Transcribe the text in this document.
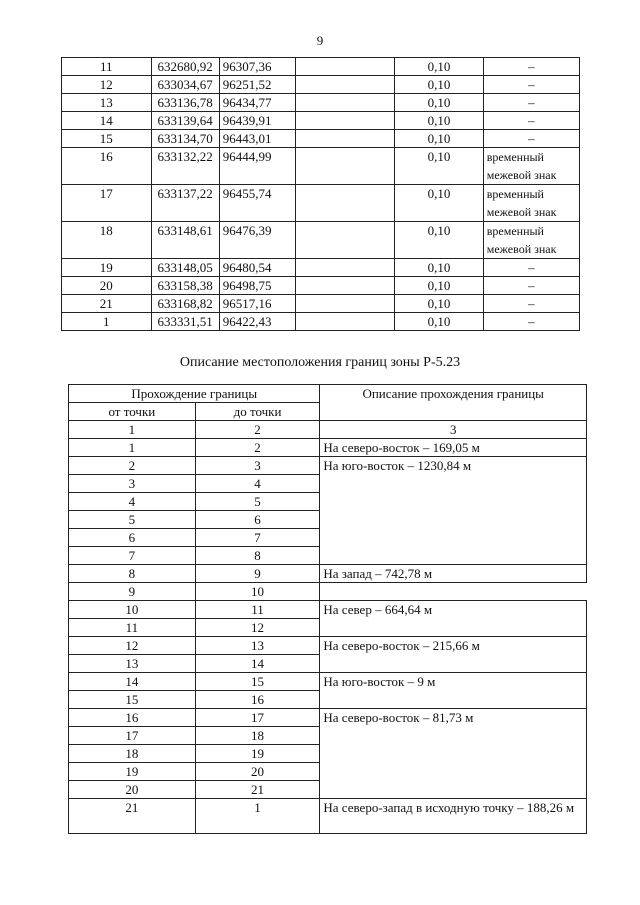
9
11	632680,92	96307,36		0,10	–
12	633034,67	96251,52		0,10	–
13	633136,78	96434,77		0,10	–
14	633139,64	96439,91		0,10	–
15	633134,70	96443,01		0,10	–
16	633132,22	96444,99		0,10	временный межевой знак
17	633137,22	96455,74		0,10	временный межевой знак
18	633148,61	96476,39		0,10	временный межевой знак
19	633148,05	96480,54		0,10	–
20	633158,38	96498,75		0,10	–
21	633168,82	96517,16		0,10	–
1	633331,51	96422,43		0,10	–
Описание местоположения границ зоны Р-5.23
Прохождение границы		Описание прохождения границы
от точки	до точки	
1	2	3
1	2	На северо-восток – 169,05 м
2	3	На юго-восток – 1230,84 м
3	4	
4	5	
5	6	
6	7	
7	8	
8	9	На запад – 742,78 м
9	10	
10	11	На север – 664,64 м
11	12	
12	13	На северо-восток – 215,66 м
13	14	
14	15	На юго-восток – 9 м
15	16	
16	17	На северо-восток – 81,73 м
17	18	
18	19	
19	20	
20	21	
21	1	На северо-запад в исходную точку – 188,26 м
